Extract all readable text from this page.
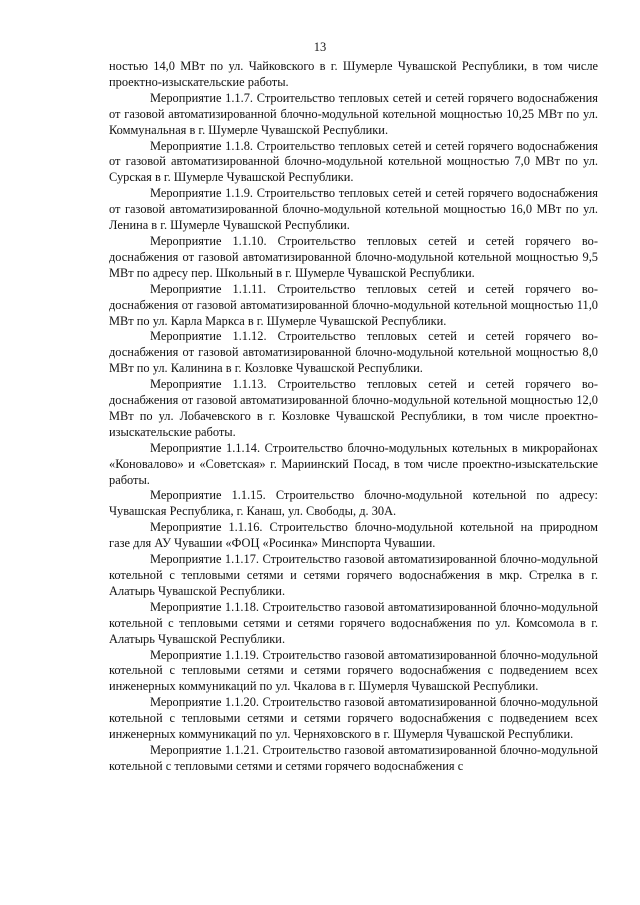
13

ностью 14,0 МВт по ул. Чайковского в г. Шумерле Чувашской Республики, в том числе проектно-изыскательские работы.

Мероприятие 1.1.7. Строительство тепловых сетей и сетей горячего водоснабжения от газовой автоматизированной блочно-модульной котельной мощностью 10,25 МВт по ул. Коммунальная в г. Шумерле Чувашской Республики.

Мероприятие 1.1.8. Строительство тепловых сетей и сетей горячего водоснабжения от газовой автоматизированной блочно-модульной котельной мощностью 7,0 МВт по ул. Сурская в г. Шумерле Чувашской Республики.

Мероприятие 1.1.9. Строительство тепловых сетей и сетей горячего водоснабжения от газовой автоматизированной блочно-модульной котельной мощностью 16,0 МВт по ул. Ленина в г. Шумерле Чувашской Республики.

Мероприятие 1.1.10. Строительство тепловых сетей и сетей горячего водоснабжения от газовой автоматизированной блочно-модульной котельной мощностью 9,5 МВт по адресу пер. Школьный в г. Шумерле Чувашской Республики.

Мероприятие 1.1.11. Строительство тепловых сетей и сетей горячего водоснабжения от газовой автоматизированной блочно-модульной котельной мощностью 11,0 МВт по ул. Карла Маркса в г. Шумерле Чувашской Республики.

Мероприятие 1.1.12. Строительство тепловых сетей и сетей горячего водоснабжения от газовой автоматизированной блочно-модульной котельной мощностью 8,0 МВт по ул. Калинина в г. Козловке Чувашской Республики.

Мероприятие 1.1.13. Строительство тепловых сетей и сетей горячего водоснабжения от газовой автоматизированной блочно-модульной котельной мощностью 12,0 МВт по ул. Лобачевского в г. Козловке Чувашской Республики, в том числе проектно-изыскательские работы.

Мероприятие 1.1.14. Строительство блочно-модульных котельных в микрорайонах «Коновалово» и «Советская» г. Мариинский Посад, в том числе проектно-изыскательские работы.

Мероприятие 1.1.15. Строительство блочно-модульной котельной по адресу: Чувашская Республика, г. Канаш, ул. Свободы, д. 30А.

Мероприятие 1.1.16. Строительство блочно-модульной котельной на природном газе для АУ Чувашии «ФОЦ «Росинка» Минспорта Чувашии.

Мероприятие 1.1.17. Строительство газовой автоматизированной блочно-модульной котельной с тепловыми сетями и сетями горячего водоснабжения в мкр. Стрелка в г. Алатырь Чувашской Республики.

Мероприятие 1.1.18. Строительство газовой автоматизированной блочно-модульной котельной с тепловыми сетями и сетями горячего водоснабжения по ул. Комсомола в г. Алатырь Чувашской Республики.

Мероприятие 1.1.19. Строительство газовой автоматизированной блочно-модульной котельной с тепловыми сетями и сетями горячего водоснабжения с подведением всех инженерных коммуникаций по ул. Чкалова в г. Шумерля Чувашской Республики.

Мероприятие 1.1.20. Строительство газовой автоматизированной блочно-модульной котельной с тепловыми сетями и сетями горячего водоснабжения с подведением всех инженерных коммуникаций по ул. Черняховского в г. Шумерля Чувашской Республики.

Мероприятие 1.1.21. Строительство газовой автоматизированной блочно-модульной котельной с тепловыми сетями и сетями горячего водоснабжения с
